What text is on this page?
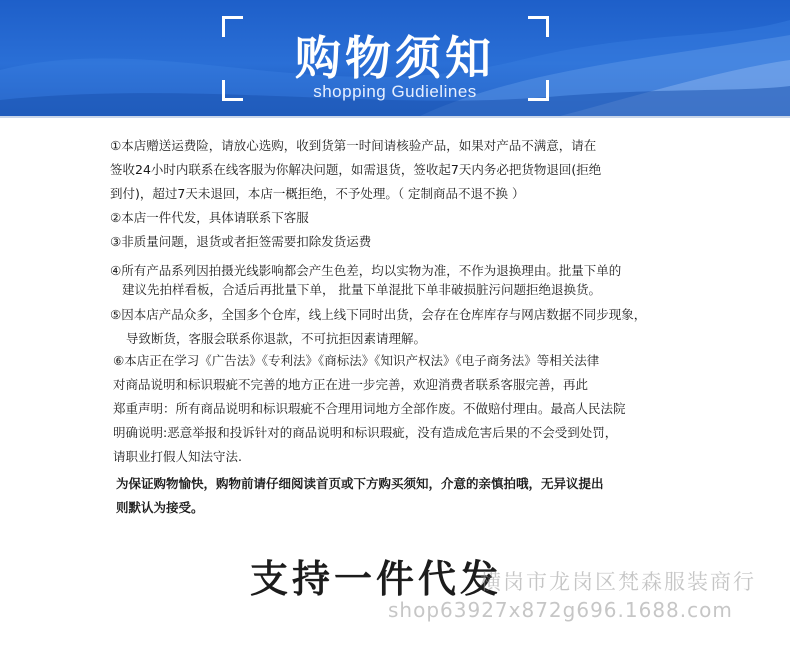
购物须知
shopping Gudielines
①本店赠送运费险，请放心选购，收到货第一时间请核验产品，如果对产品不满意，请在
签收24小时内联系在线客服为你解决问题，如需退货，签收起7天内务必把货物退回(拒绝
到付)，超过7天未退回，本店一概拒绝，不予处理。（ 定制商品不退不换 ）
②本店一件代发，具体请联系下客服
③非质量问题，退货或者拒签需要扣除发货运费
④所有产品系列因拍摄光线影响都会产生色差，均以实物为准，不作为退换理由。批量下单的
建议先拍样看板，合适后再批量下单， 批量下单混批下单非破损脏污问题拒绝退换货。
⑤因本店产品众多，全国多个仓库，线上线下同时出货，会存在仓库库存与网店数据不同步现象，
导致断货，客服会联系你退款，不可抗拒因素请理解。
⑥本店正在学习《广告法》《专利法》《商标法》《知识产权法》《电子商务法》等相关法律
对商品说明和标识瑕疵不完善的地方正在进一步完善，欢迎消费者联系客服完善，再此
郑重声明：所有商品说明和标识瑕疵不合理用词地方全部作废。不做赔付理由。最高人民法院
明确说明:恶意举报和投诉针对的商品说明和标识瑕疵，没有造成危害后果的不会受到处罚，
请职业打假人知法守法.
为保证购物愉快，购物前请仔细阅读首页或下方购买须知，介意的亲慎拍哦，无异议提出
则默认为接受。
支持一件代发
横岗市龙岗区梵森服装商行
shop63927x872g696.1688.com
